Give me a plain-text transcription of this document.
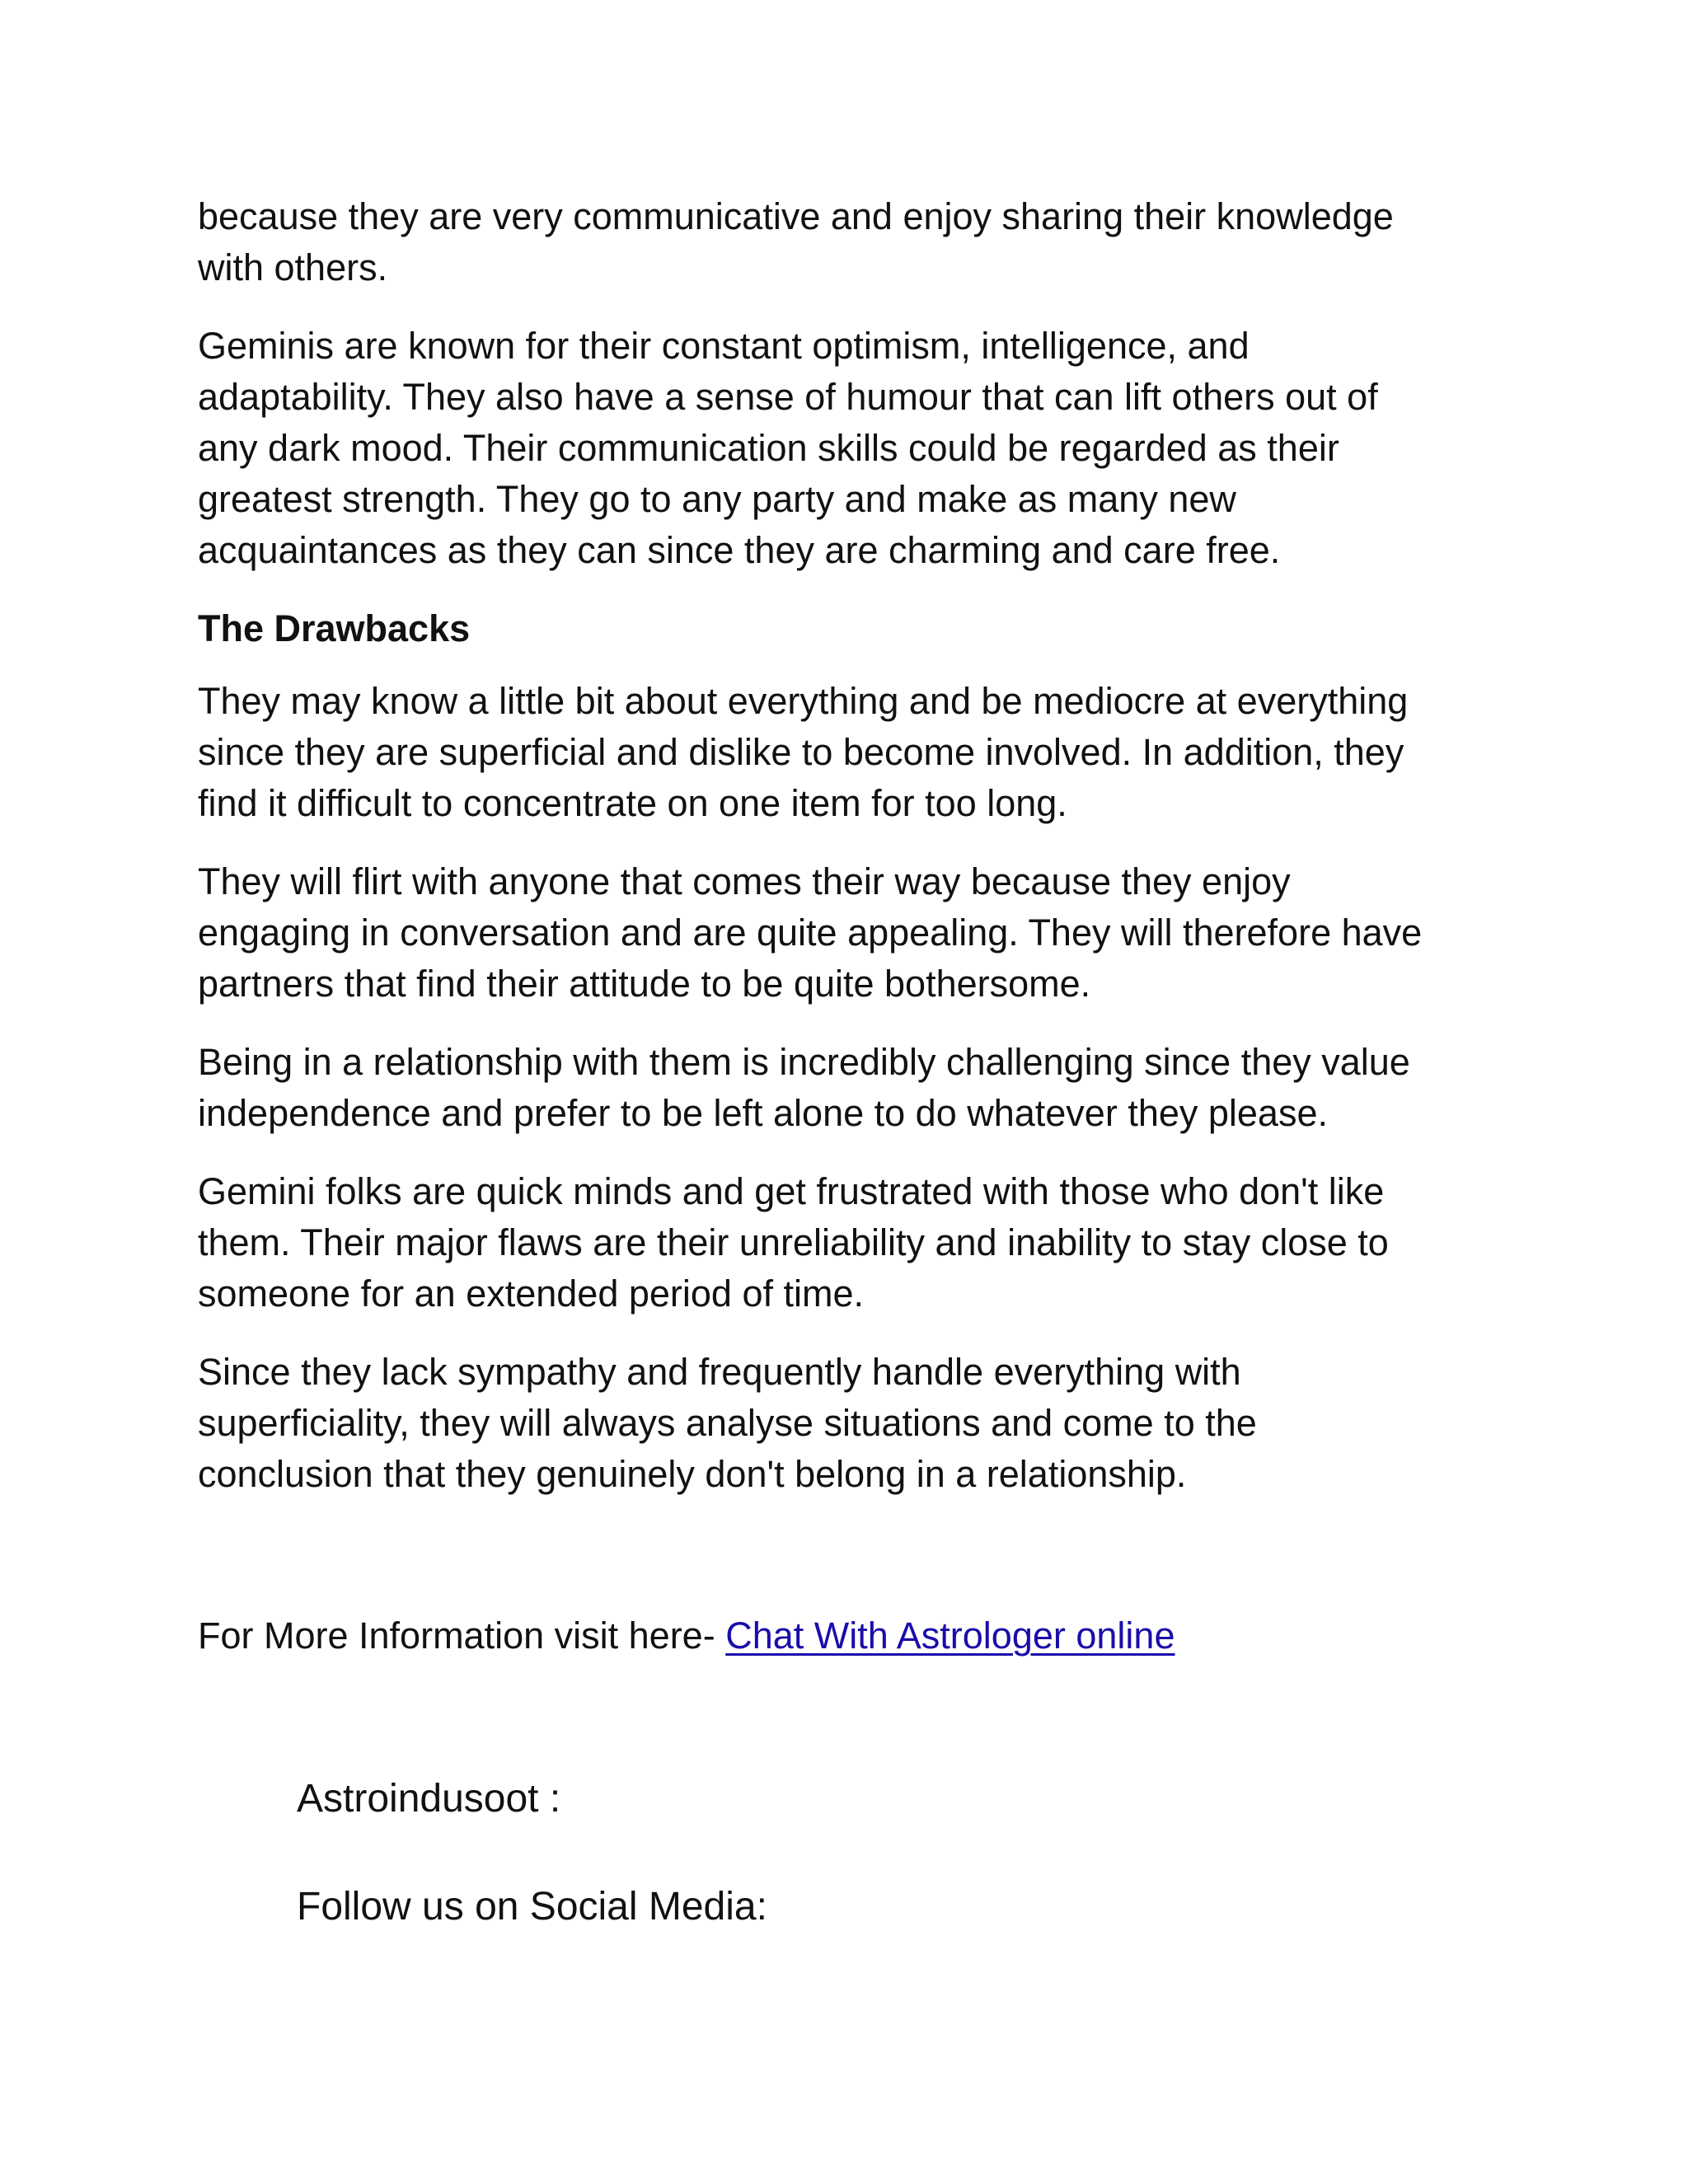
because they are very communicative and enjoy sharing their knowledge
with others.

Geminis are known for their constant optimism, intelligence, and
adaptability. They also have a sense of humour that can lift others out of
any dark mood. Their communication skills could be regarded as their
greatest strength. They go to any party and make as many new
acquaintances as they can since they are charming and care free.

The Drawbacks

They may know a little bit about everything and be mediocre at everything
since they are superficial and dislike to become involved. In addition, they
find it difficult to concentrate on one item for too long.

They will flirt with anyone that comes their way because they enjoy
engaging in conversation and are quite appealing. They will therefore have
partners that find their attitude to be quite bothersome.

Being in a relationship with them is incredibly challenging since they value
independence and prefer to be left alone to do whatever they please.

Gemini folks are quick minds and get frustrated with those who don't like
them. Their major flaws are their unreliability and inability to stay close to
someone for an extended period of time.

Since they lack sympathy and frequently handle everything with
superficiality, they will always analyse situations and come to the
conclusion that they genuinely don't belong in a relationship.

For More Information visit here- Chat With Astrologer online
Astroindusoot :
Follow us on Social Media:
